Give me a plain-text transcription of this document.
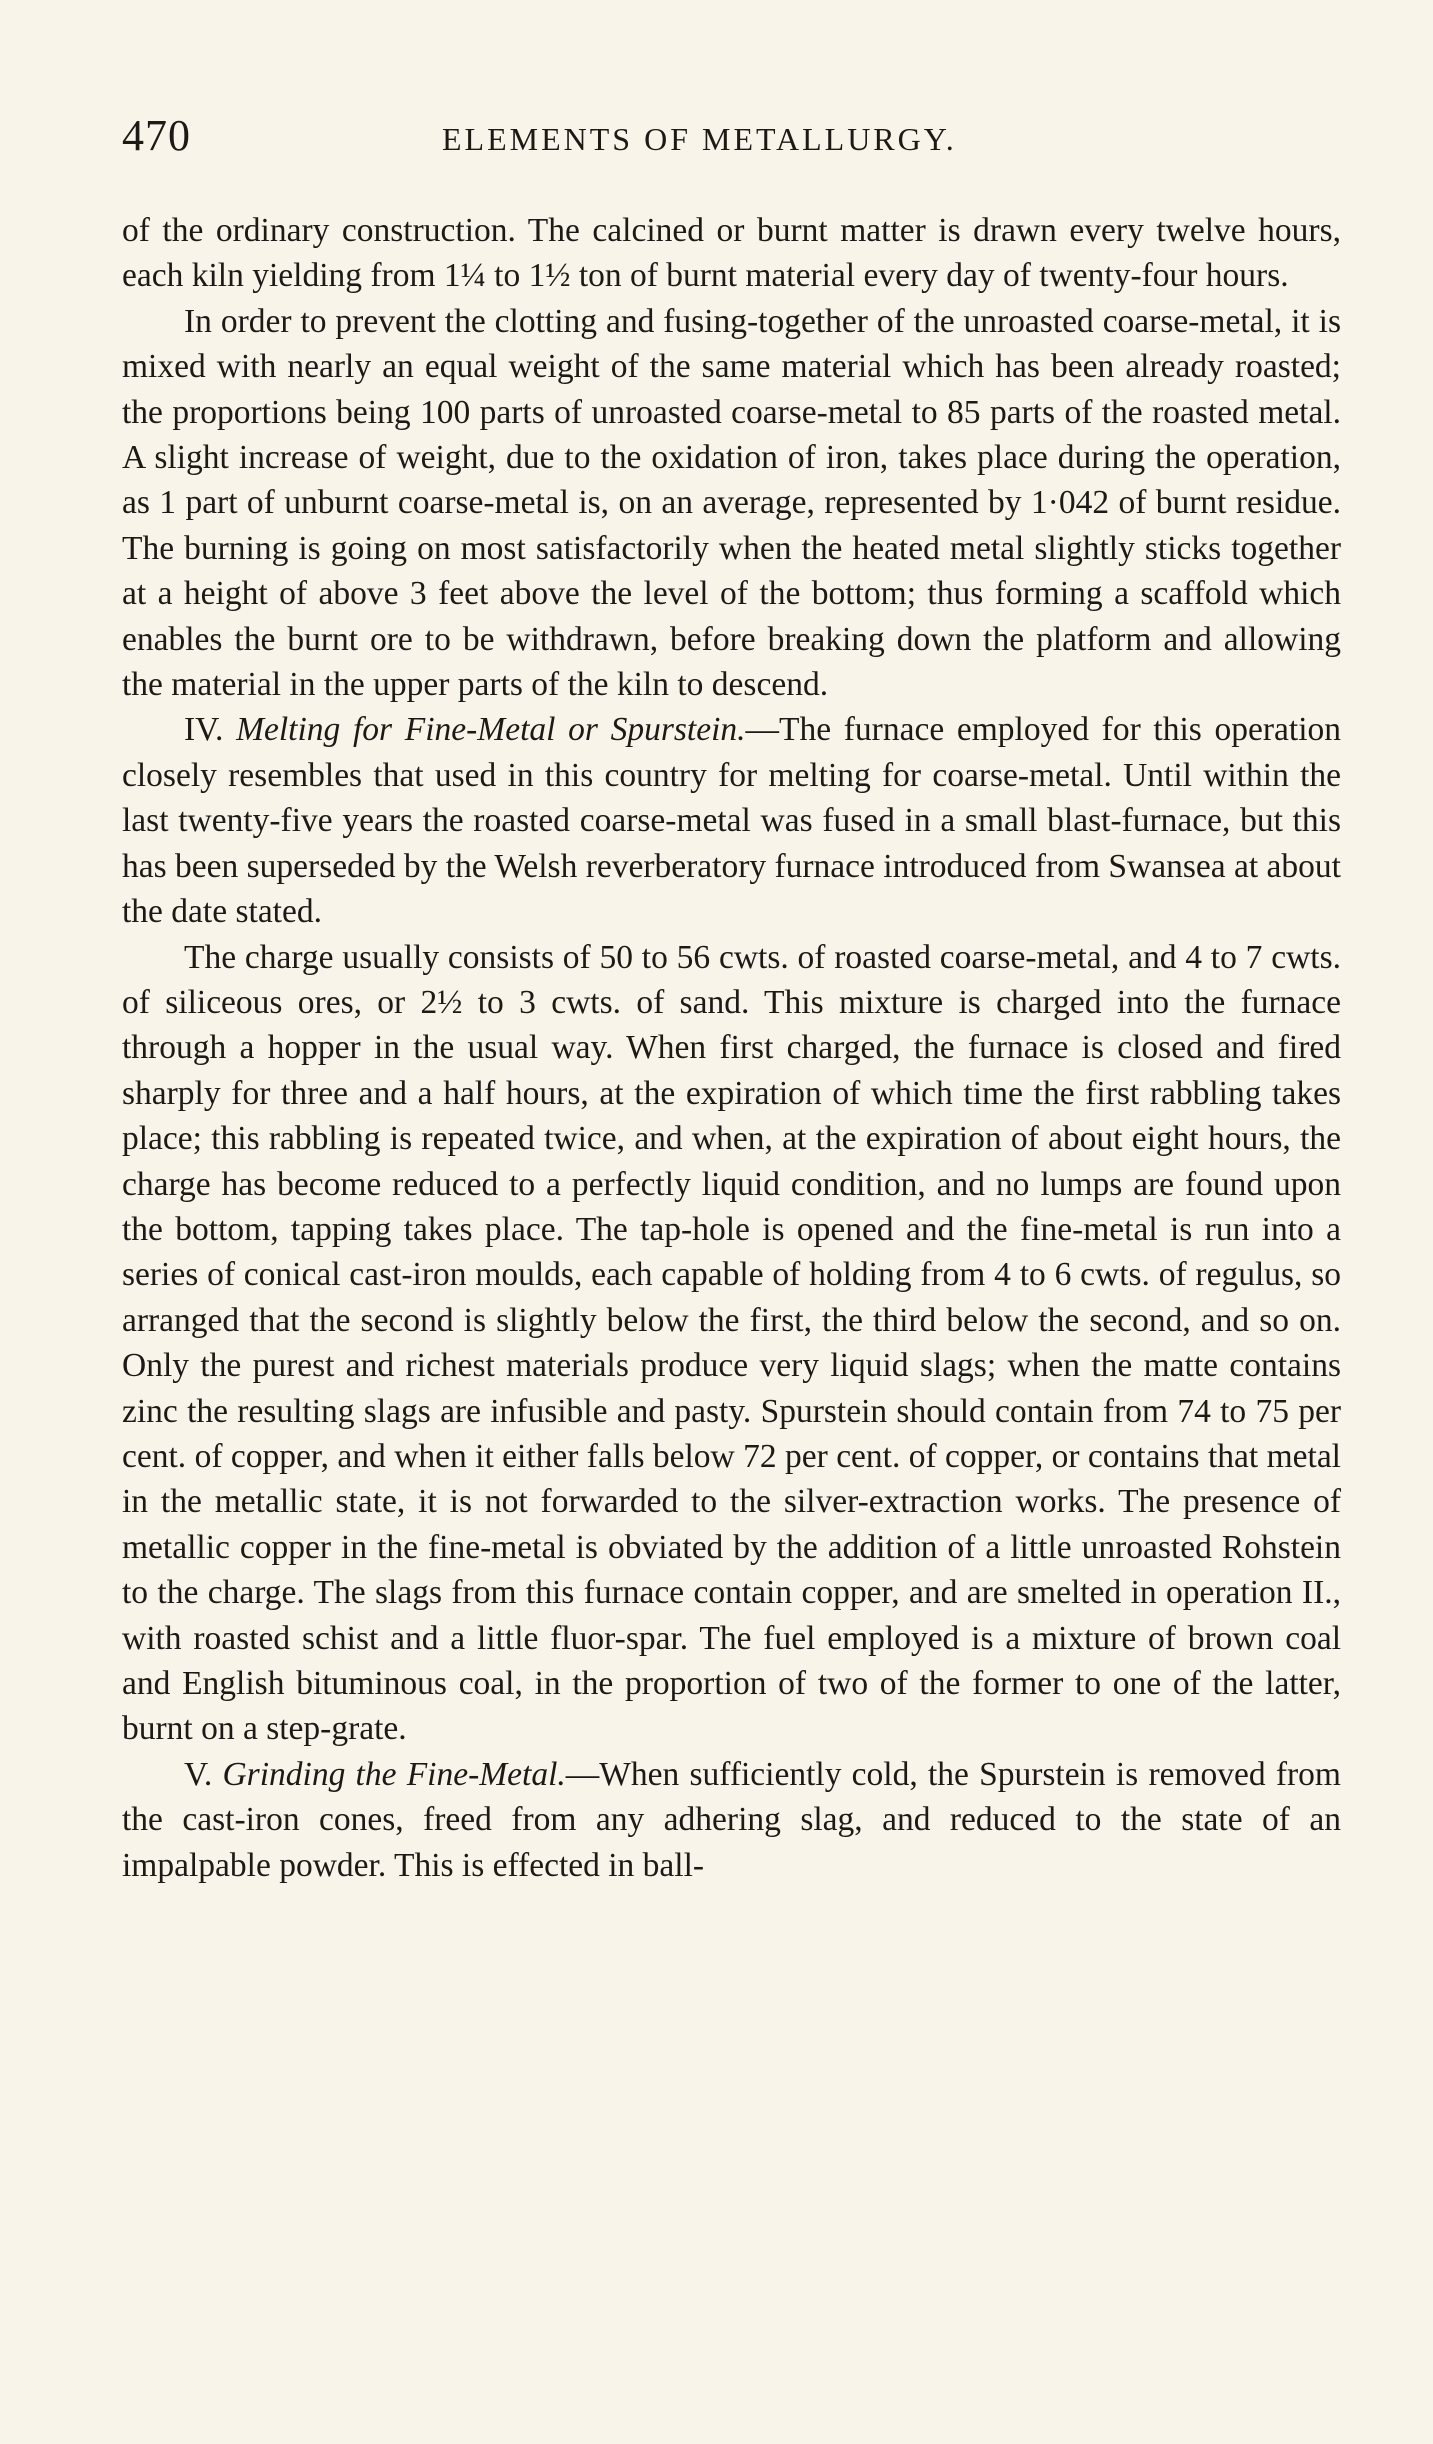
470	ELEMENTS OF METALLURGY.

of the ordinary construction. The calcined or burnt matter is drawn every twelve hours, each kiln yielding from 1¼ to 1½ ton of burnt material every day of twenty-four hours.

In order to prevent the clotting and fusing-together of the unroasted coarse-metal, it is mixed with nearly an equal weight of the same material which has been already roasted; the proportions being 100 parts of unroasted coarse-metal to 85 parts of the roasted metal. A slight increase of weight, due to the oxidation of iron, takes place during the operation, as 1 part of unburnt coarse-metal is, on an average, represented by 1·042 of burnt residue. The burning is going on most satisfactorily when the heated metal slightly sticks together at a height of above 3 feet above the level of the bottom; thus forming a scaffold which enables the burnt ore to be withdrawn, before breaking down the platform and allowing the material in the upper parts of the kiln to descend.

IV. Melting for Fine-Metal or Spurstein.—The furnace employed for this operation closely resembles that used in this country for melting for coarse-metal. Until within the last twenty-five years the roasted coarse-metal was fused in a small blast-furnace, but this has been superseded by the Welsh reverberatory furnace introduced from Swansea at about the date stated.

The charge usually consists of 50 to 56 cwts. of roasted coarse-metal, and 4 to 7 cwts. of siliceous ores, or 2½ to 3 cwts. of sand. This mixture is charged into the furnace through a hopper in the usual way. When first charged, the furnace is closed and fired sharply for three and a half hours, at the expiration of which time the first rabbling takes place; this rabbling is repeated twice, and when, at the expiration of about eight hours, the charge has become reduced to a perfectly liquid condition, and no lumps are found upon the bottom, tapping takes place. The tap-hole is opened and the fine-metal is run into a series of conical cast-iron moulds, each capable of holding from 4 to 6 cwts. of regulus, so arranged that the second is slightly below the first, the third below the second, and so on. Only the purest and richest materials produce very liquid slags; when the matte contains zinc the resulting slags are infusible and pasty. Spurstein should contain from 74 to 75 per cent. of copper, and when it either falls below 72 per cent. of copper, or contains that metal in the metallic state, it is not forwarded to the silver-extraction works. The presence of metallic copper in the fine-metal is obviated by the addition of a little unroasted Rohstein to the charge. The slags from this furnace contain copper, and are smelted in operation II., with roasted schist and a little fluor-spar. The fuel employed is a mixture of brown coal and English bituminous coal, in the proportion of two of the former to one of the latter, burnt on a step-grate.

V. Grinding the Fine-Metal.—When sufficiently cold, the Spurstein is removed from the cast-iron cones, freed from any adhering slag, and reduced to the state of an impalpable powder. This is effected in ball-
